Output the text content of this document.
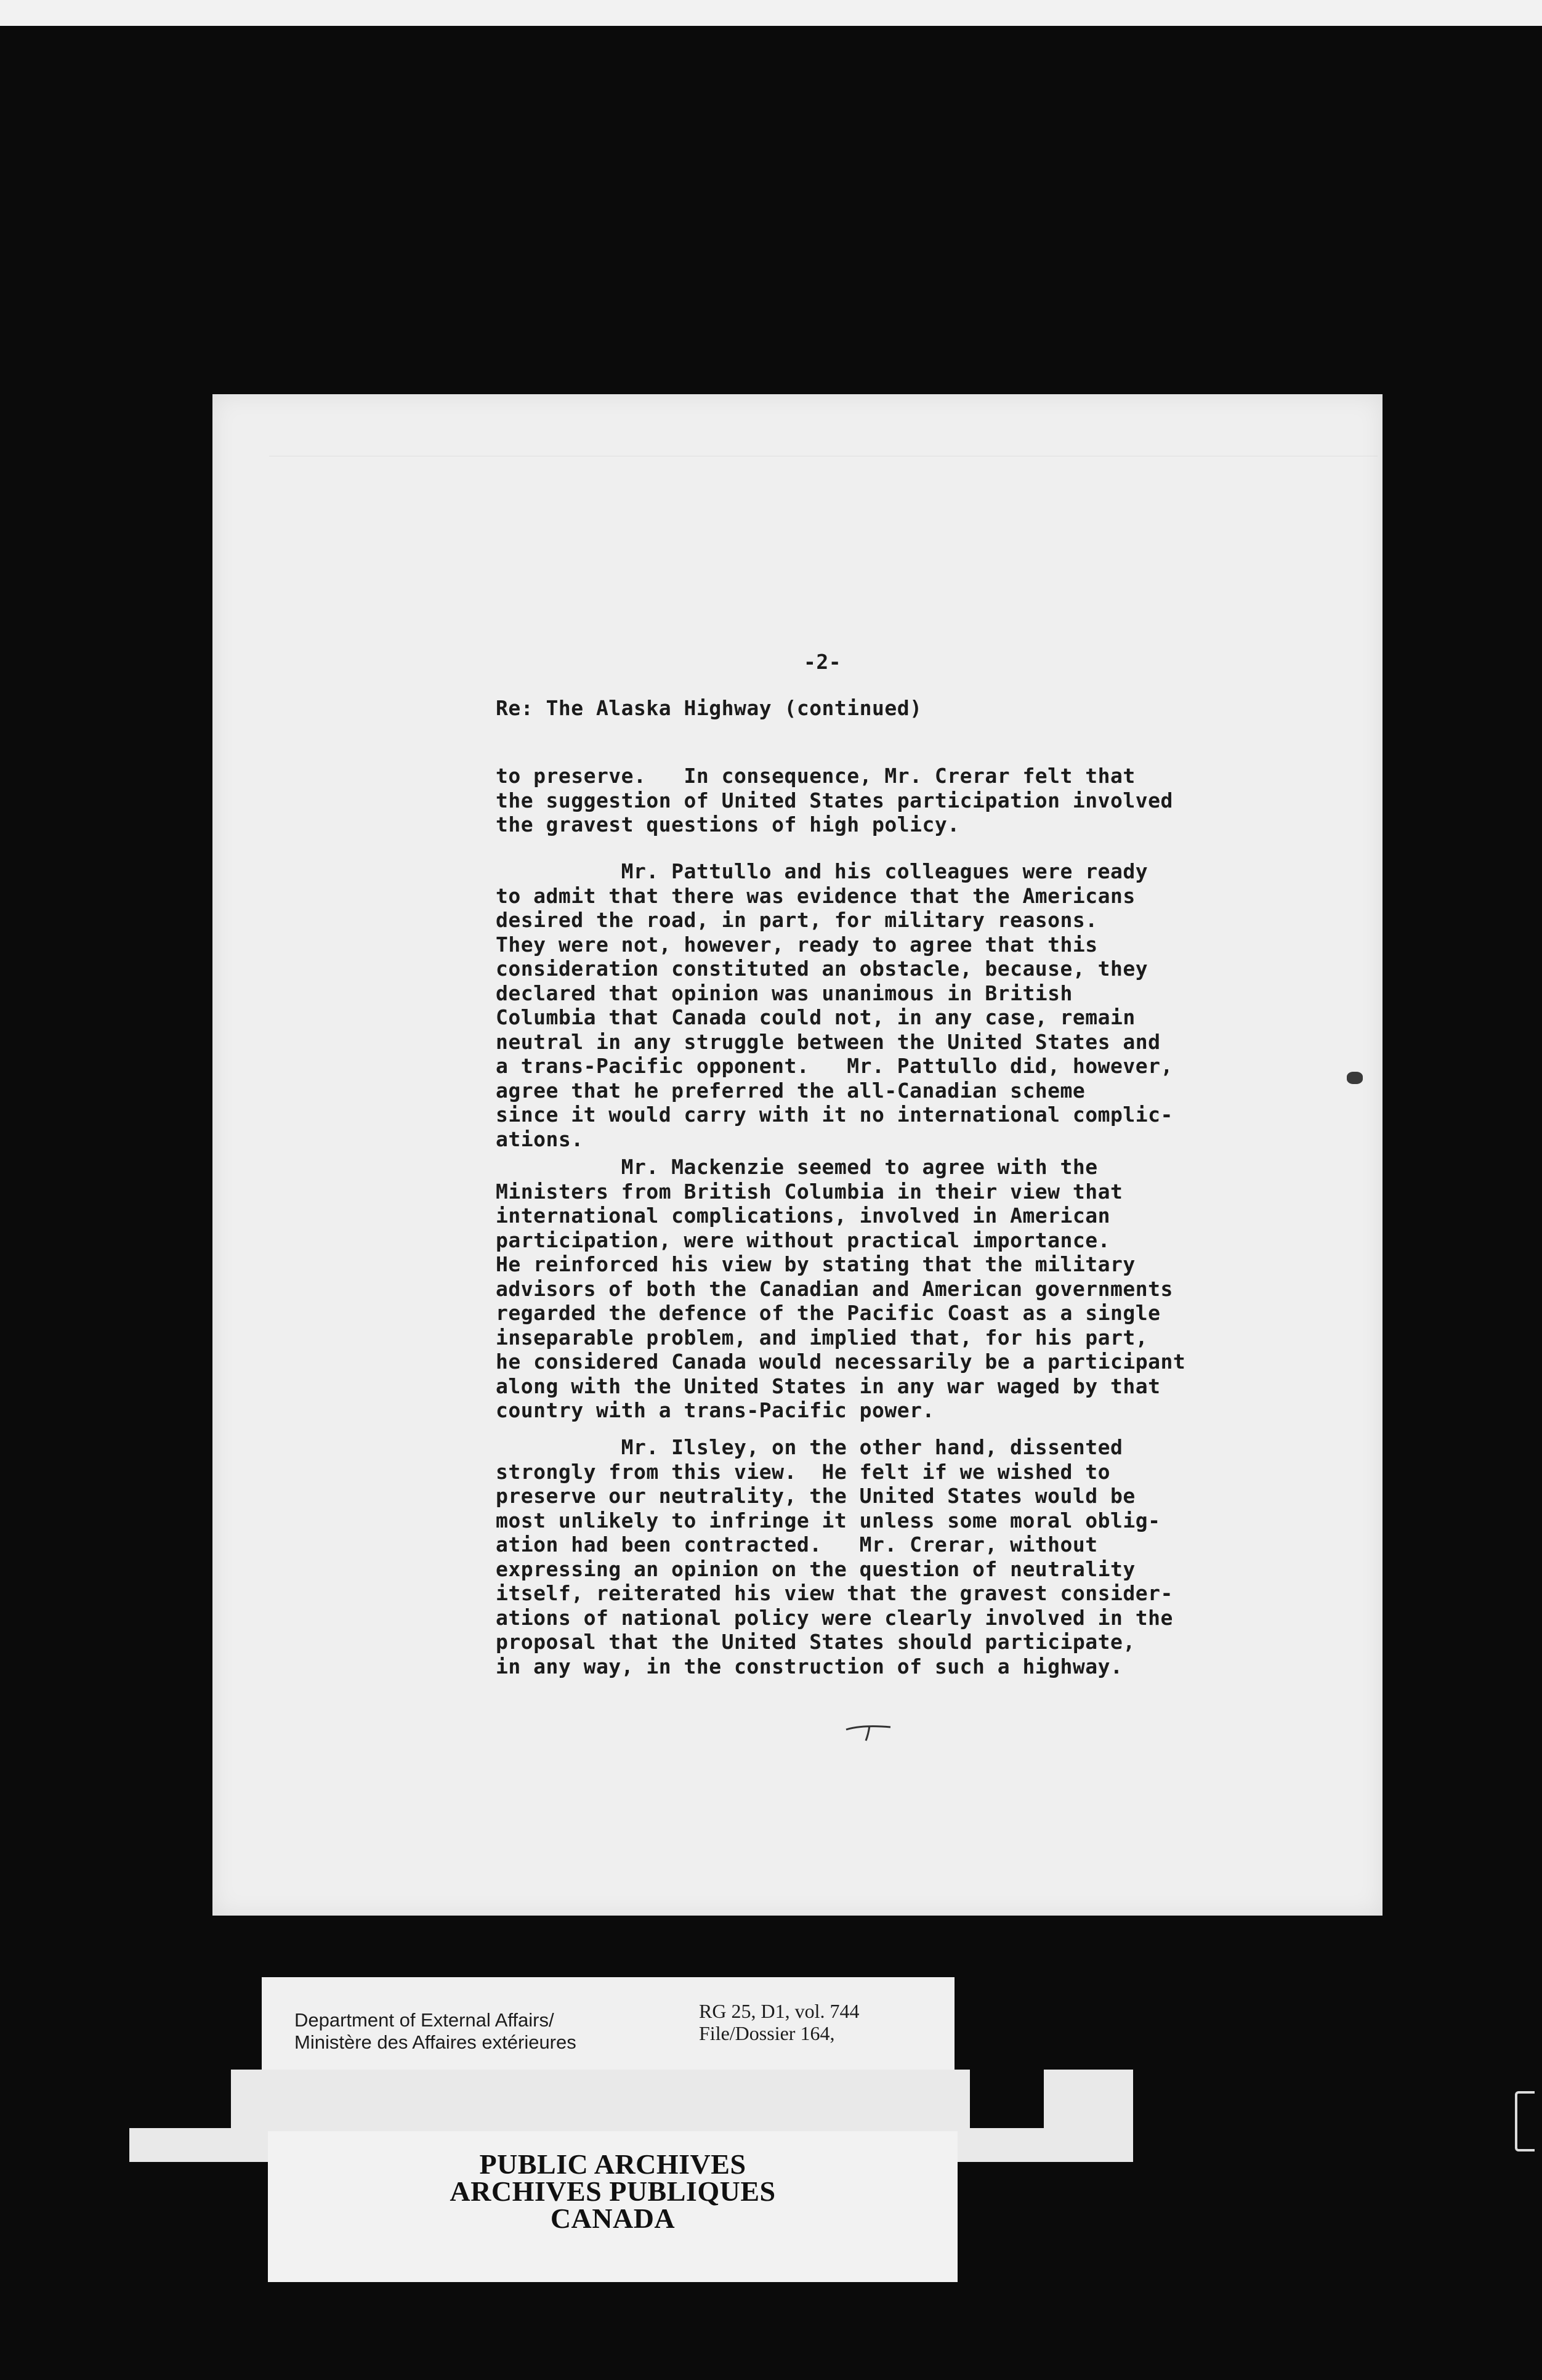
-2-
Re: The Alaska Highway (continued)

to preserve.   In consequence, Mr. Crerar felt that
the suggestion of United States participation involved
the gravest questions of high policy.

Mr. Pattullo and his colleagues were ready
to admit that there was evidence that the Americans
desired the road, in part, for military reasons.
They were not, however, ready to agree that this
consideration constituted an obstacle, because, they
declared that opinion was unanimous in British
Columbia that Canada could not, in any case, remain
neutral in any struggle between the United States and
a trans-Pacific opponent.   Mr. Pattullo did, however,
agree that he preferred the all-Canadian scheme
since it would carry with it no international complic-
ations.

Mr. Mackenzie seemed to agree with the
Ministers from British Columbia in their view that
international complications, involved in American
participation, were without practical importance.
He reinforced his view by stating that the military
advisors of both the Canadian and American governments
regarded the defence of the Pacific Coast as a single
inseparable problem, and implied that, for his part,
he considered Canada would necessarily be a participant
along with the United States in any war waged by that
country with a trans-Pacific power.

Mr. Ilsley, on the other hand, dissented
strongly from this view.  He felt if we wished to
preserve our neutrality, the United States would be
most unlikely to infringe it unless some moral oblig-
ation had been contracted.   Mr. Crerar, without
expressing an opinion on the question of neutrality
itself, reiterated his view that the gravest consider-
ations of national policy were clearly involved in the
proposal that the United States should participate,
in any way, in the construction of such a highway.

Department of External Affairs/
Ministère des Affaires extérieures
RG 25, D1, vol. 744
File/Dossier 164,
PUBLIC ARCHIVES
ARCHIVES PUBLIQUES
CANADA
